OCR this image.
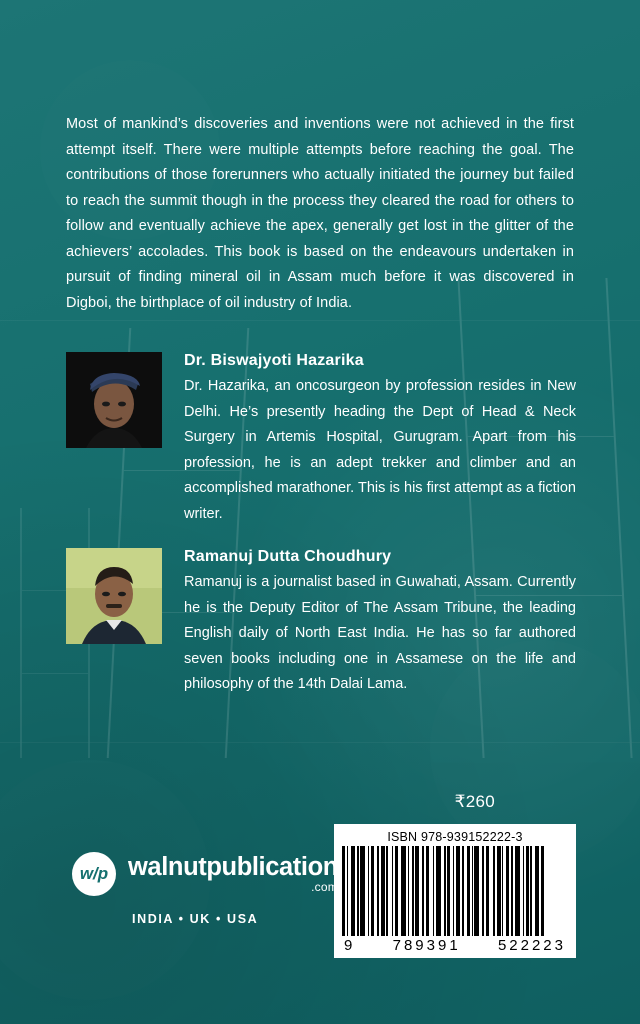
Most of mankind’s discoveries and inventions were not achieved in the first attempt itself. There were multiple attempts before reaching the goal. The contributions of those forerunners who actually initiated the journey but failed to reach the summit though in the process they cleared the road for others to follow and eventually achieve the apex, generally get lost in the glitter of the achievers’ accolades. This book is based on the endeavours undertaken in pursuit of finding mineral oil in Assam much before it was discovered in Digboi, the birthplace of oil industry of India.

Dr. Biswajyoti Hazarika

Dr. Hazarika, an oncosurgeon by profession resides in New Delhi. He’s presently heading the Dept of Head & Neck Surgery in Artemis Hospital, Gurugram. Apart from his profession, he is an adept trekker and climber and an accomplished marathoner. This is his first attempt as a fiction writer.

Ramanuj Dutta Choudhury

Ramanuj is a journalist based in Guwahati, Assam. Currently he is the Deputy Editor of The Assam Tribune, the leading English daily of North East India. He has so far authored seven books including one in Assamese on the life and philosophy of the 14th Dalai Lama.

₹260
ISBN 978-939152222-3
9 789391 522223
w/p walnutpublication
.com
INDIA • UK • USA
